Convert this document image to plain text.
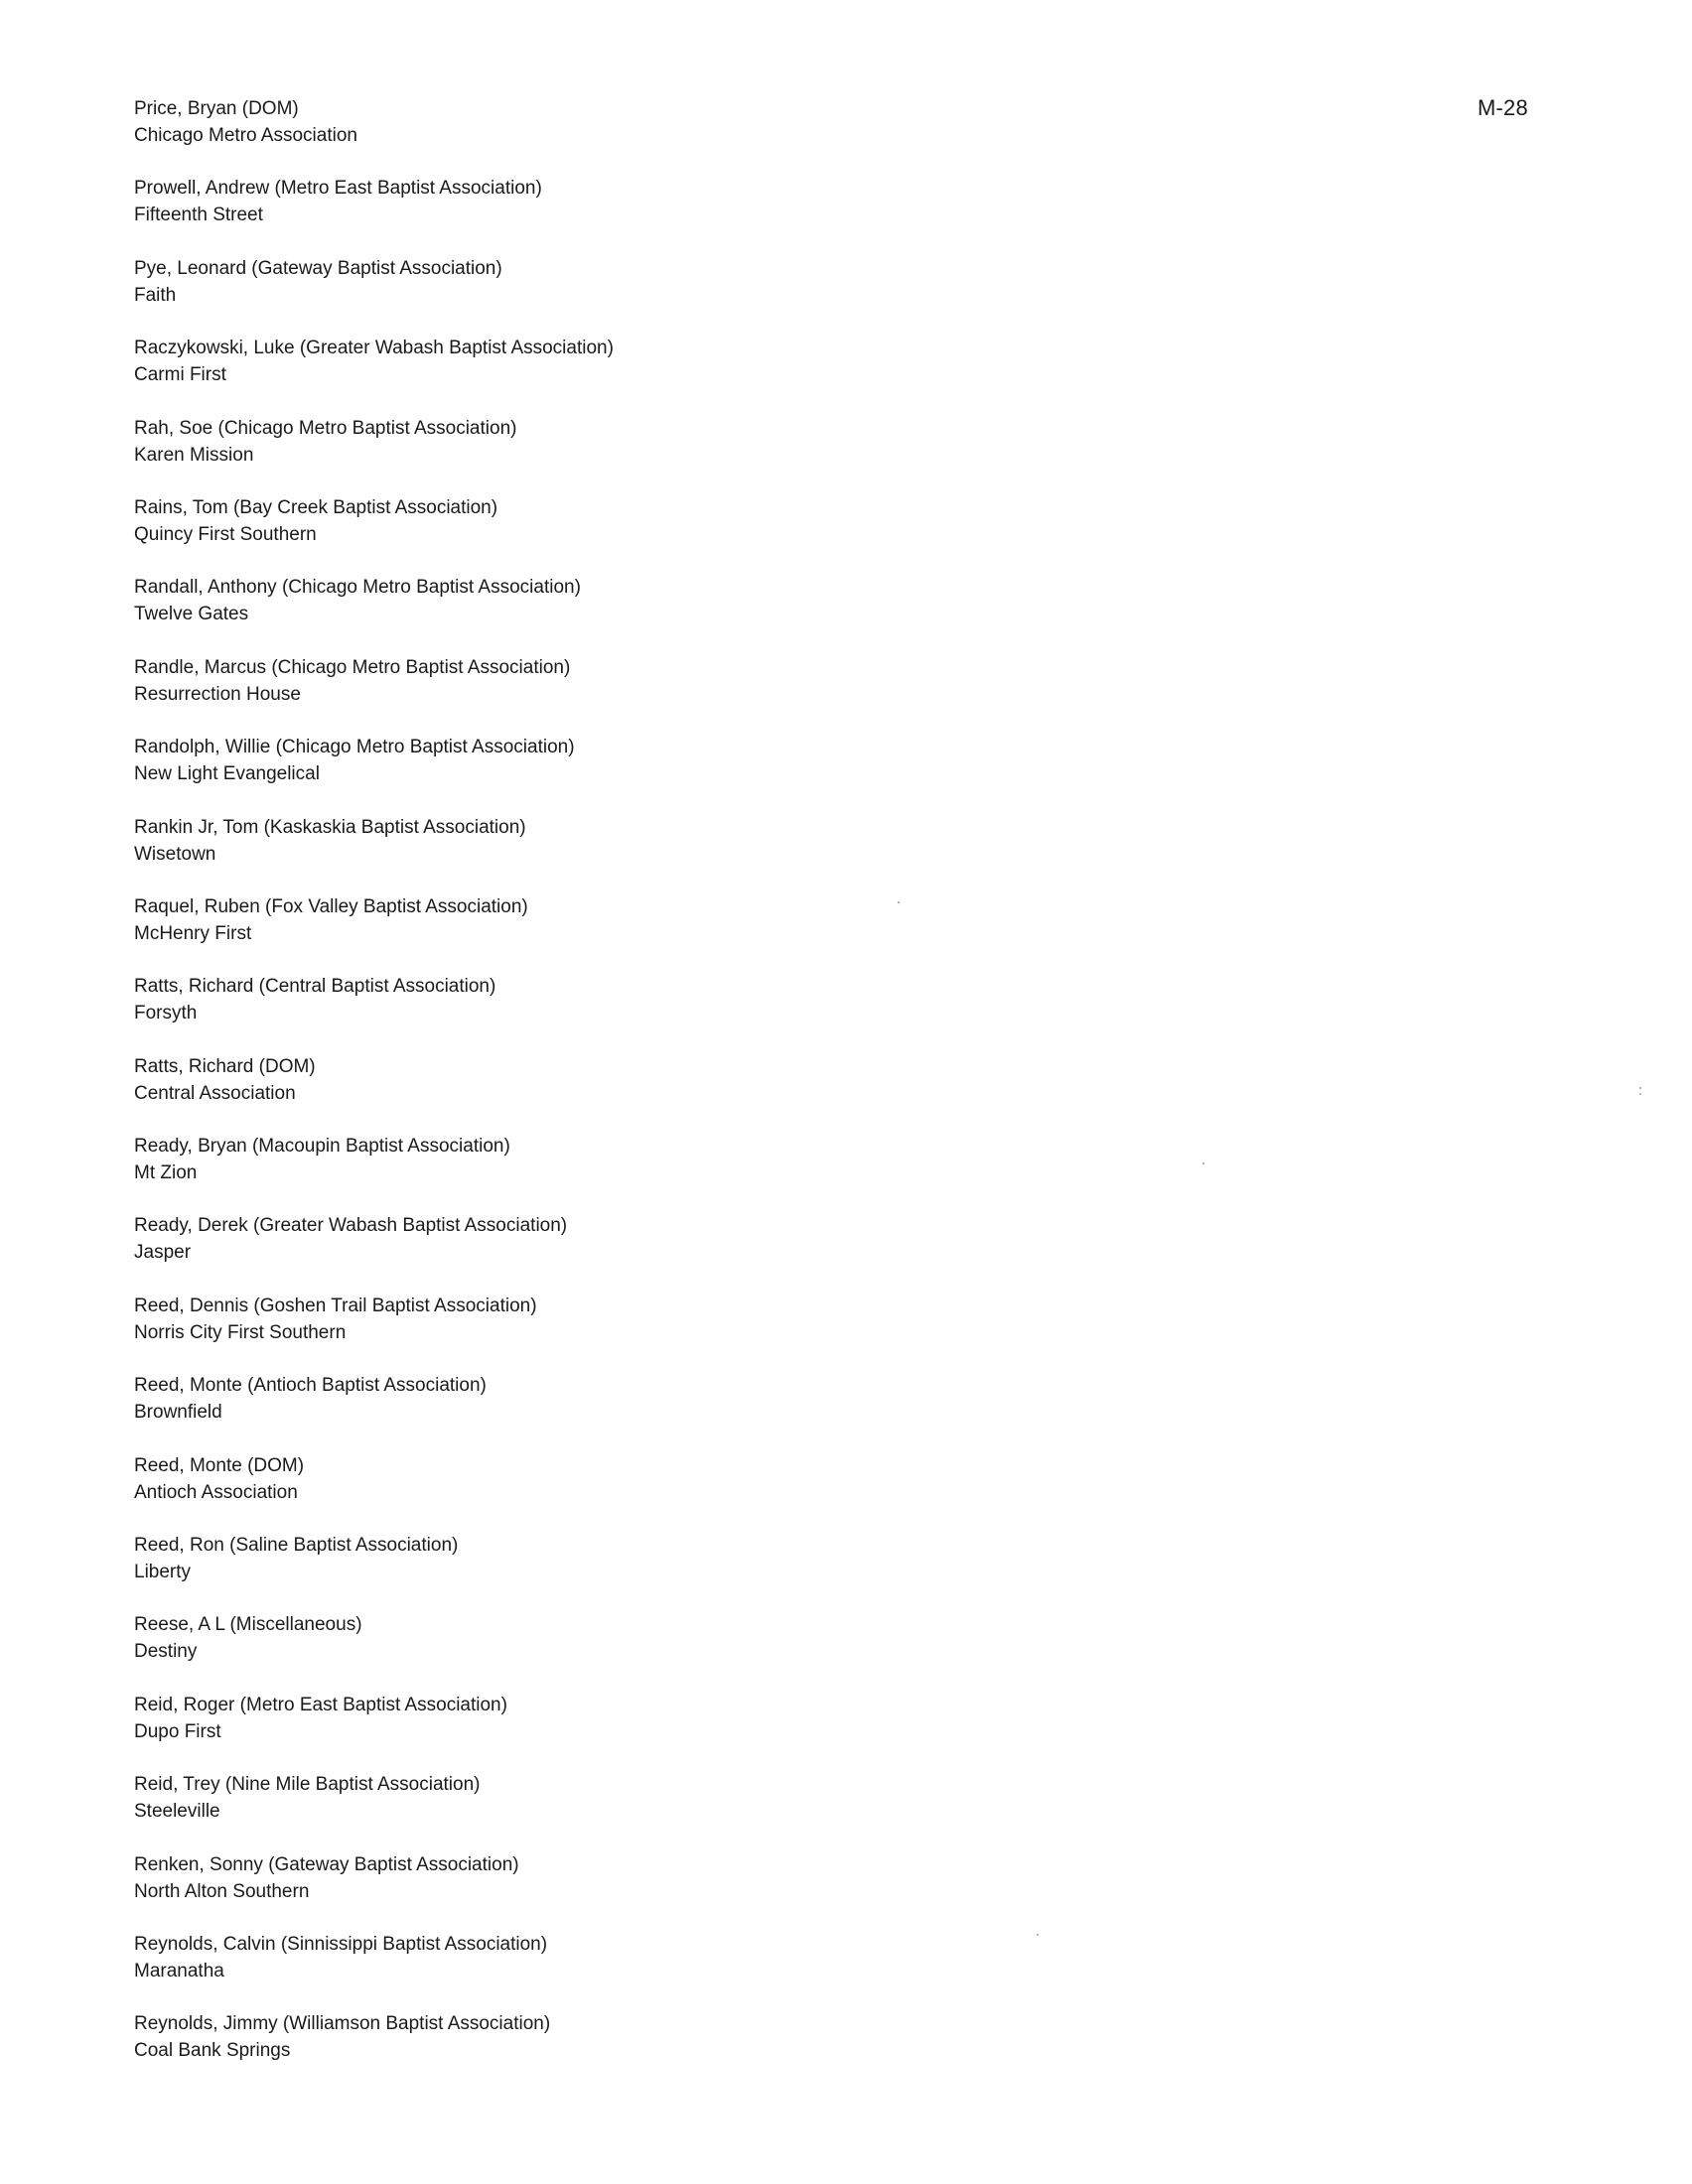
M-28
Price, Bryan (DOM)
Chicago Metro Association
Prowell, Andrew (Metro East Baptist Association)
Fifteenth Street
Pye, Leonard (Gateway Baptist Association)
Faith
Raczykowski, Luke (Greater Wabash Baptist Association)
Carmi First
Rah, Soe (Chicago Metro Baptist Association)
Karen Mission
Rains, Tom (Bay Creek Baptist Association)
Quincy First Southern
Randall, Anthony (Chicago Metro Baptist Association)
Twelve Gates
Randle, Marcus (Chicago Metro Baptist Association)
Resurrection House
Randolph, Willie (Chicago Metro Baptist Association)
New Light Evangelical
Rankin Jr, Tom (Kaskaskia Baptist Association)
Wisetown
Raquel, Ruben (Fox Valley Baptist Association)
McHenry First
Ratts, Richard (Central Baptist Association)
Forsyth
Ratts, Richard (DOM)
Central Association
Ready, Bryan (Macoupin Baptist Association)
Mt Zion
Ready, Derek (Greater Wabash Baptist Association)
Jasper
Reed, Dennis (Goshen Trail Baptist Association)
Norris City First Southern
Reed, Monte (Antioch Baptist Association)
Brownfield
Reed, Monte (DOM)
Antioch Association
Reed, Ron (Saline Baptist Association)
Liberty
Reese, A L (Miscellaneous)
Destiny
Reid, Roger (Metro East Baptist Association)
Dupo First
Reid, Trey (Nine Mile Baptist Association)
Steeleville
Renken, Sonny (Gateway Baptist Association)
North Alton Southern
Reynolds, Calvin (Sinnissippi Baptist Association)
Maranatha
Reynolds, Jimmy (Williamson Baptist Association)
Coal Bank Springs
